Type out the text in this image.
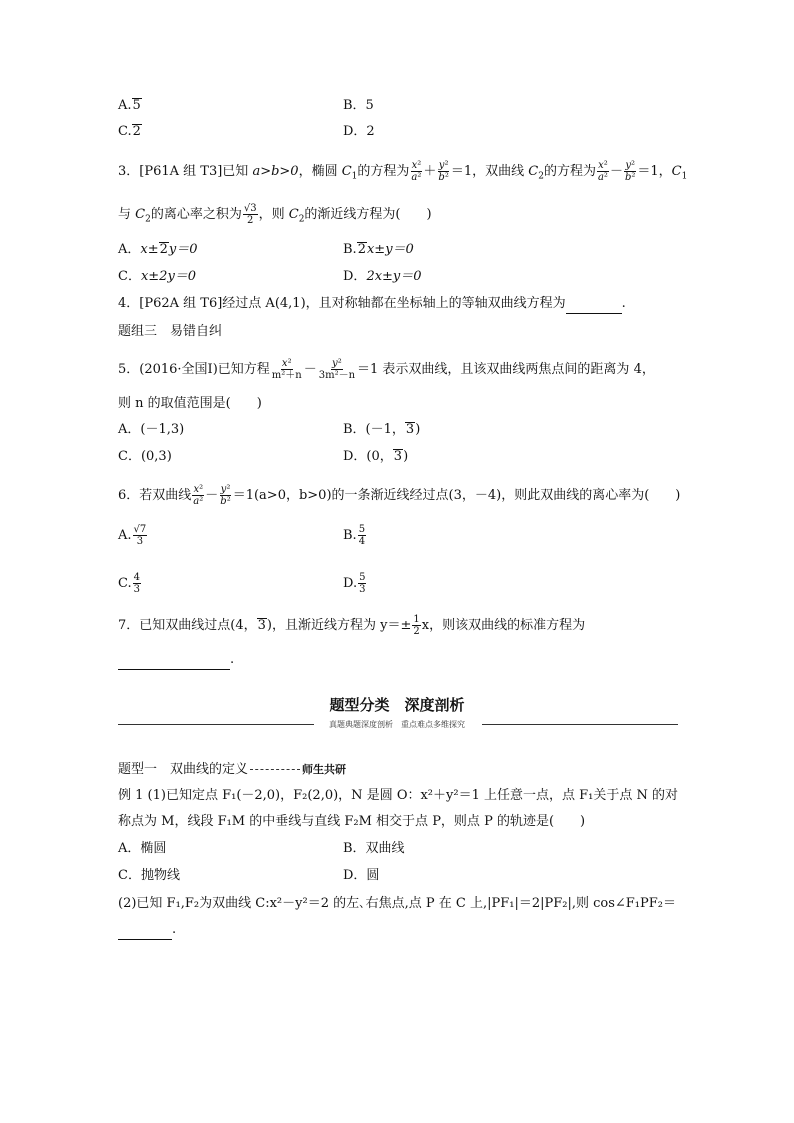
A.5	B．5
C.2	D．2
3．[P61A 组 T3]已知 a>b>0，椭圆 $C_1$的方程为 $\frac{\text{x²}}{\text{a²}} + \frac{\text{y²}}{\text{b²}} =1$，双曲线 $C_2$的方程为 $\frac{\text{x²}}{\text{a²}} - \frac{\text{y²}}{\text{b²}} =1$，$C_1$
与 $C_2$的离心率之积为 $\frac{√3}{2}$ ，则 $C_2$的渐近线方程为(　　)
A．x±2y＝0	B.2x±y＝0
C．x±2y＝0	D．2x±y＝0
4．[P62A 组 T6]经过点 A(4,1)，且对称轴都在坐标轴上的等轴双曲线方程为	.
题组三　易错自纠
5．(2016·全国Ⅰ)已知方程 $\frac{\text{x²}}{\text{m²＋n}} - \frac{\text{y²}}{\text{3m²－n}} =1$ 表示双曲线，且该双曲线两焦点间的距离为 4，
则 n 的取值范围是(　　)
A．(－1,3)	B．(－1，3)
C．(0,3)	D．(0，3)
6．若双曲线 $\frac{\text{x²}}{\text{a²}} - \frac{\text{y²}}{\text{b²}} =1(a>0$，b>0)的一条渐近线经过点(3，－4)，则此双曲线的离心率为(　　)
A. $\frac{√7}{3}$	B. $\frac{5}{4}$
C. $\frac{4}{3}$	D. $\frac{5}{3}$
7．已知双曲线过点(4，3)，且渐近线方程为 $y=\pm \frac{1}{2}$ x，则该双曲线的标准方程为
.
题型分类　深度剖析
真题典题深度剖析　重点难点多维探究
题型一　双曲线的定义	师生共研
例 1 (1)已知定点 F₁(－2,0)，F₂(2,0)，N 是圆 O：x²＋y²＝1 上任意一点，点 F₁关于点 N 的对
称点为 M，线段 F₁M 的中垂线与直线 F₂M 相交于点 P，则点 P 的轨迹是(　　)
A．椭圆	B．双曲线
C．抛物线	D．圆
(2)已知 F₁,F₂为双曲线 C:x²－y²＝2 的左､右焦点,点 P 在 C 上,|PF₁|＝2|PF₂|,则 cos∠F₁PF₂＝
.
